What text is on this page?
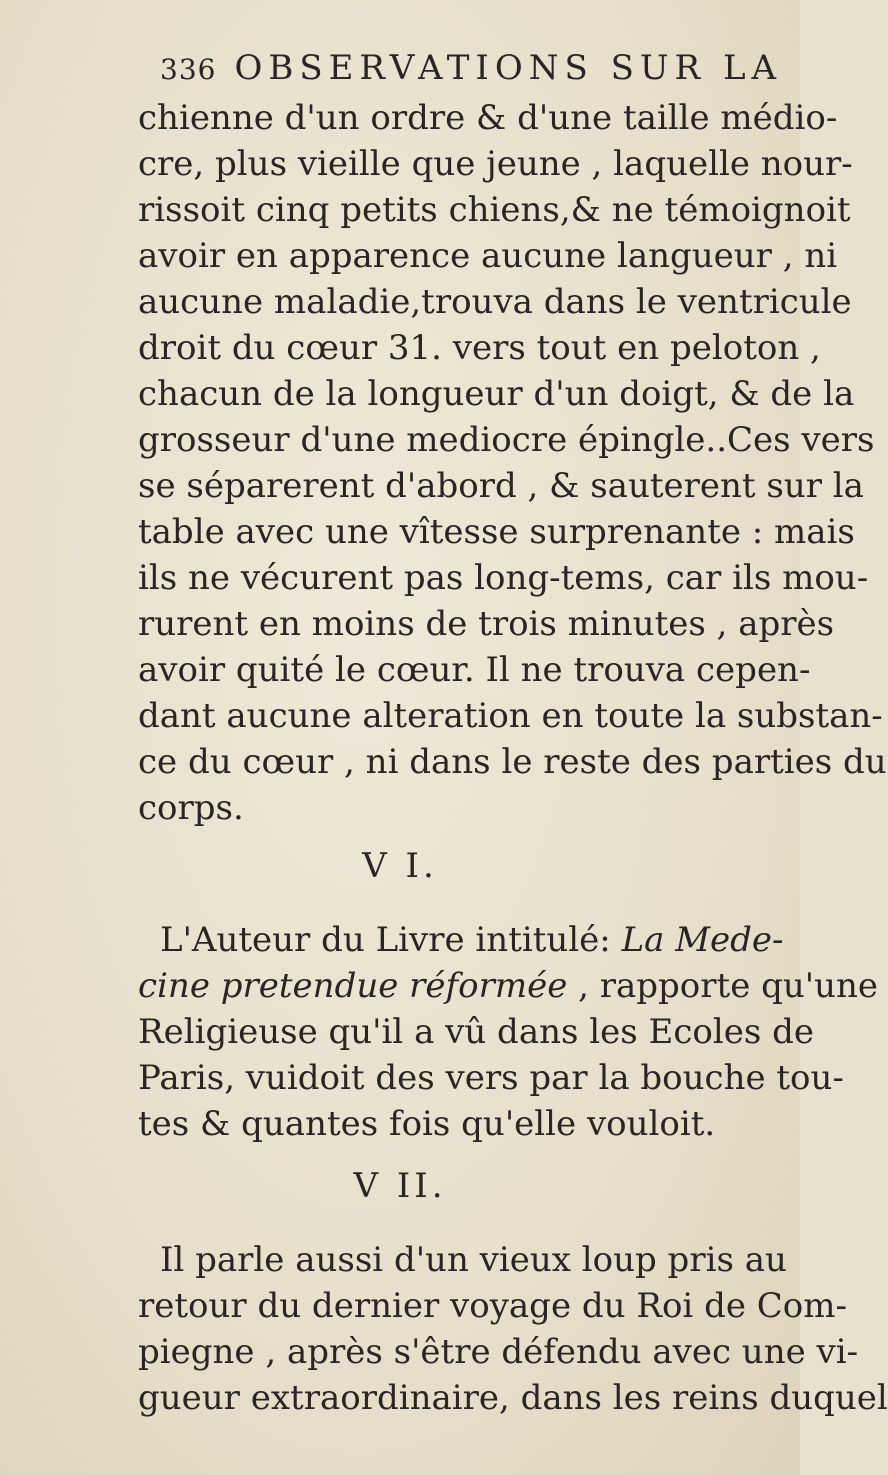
336 OBSERVATIONS SUR LA
chienne d'un ordre & d'une taille médio-
cre, plus vieille que jeune , laquelle nour-
rissoit cinq petits chiens,& ne témoignoit
avoir en apparence aucune langueur , ni
aucune maladie,trouva dans le ventricule
droit du cœur 31. vers tout en peloton ,
chacun de la longueur d'un doigt, & de la
grosseur d'une mediocre épingle..Ces vers
se séparerent d'abord , & sauterent sur la
table avec une vîtesse surprenante : mais
ils ne vécurent pas long-tems, car ils mou-
rurent en moins de trois minutes , après
avoir quité le cœur. Il ne trouva cepen-
dant aucune alteration en toute la substan-
ce du cœur , ni dans le reste des parties du
corps.
V I.
L'Auteur du Livre intitulé: La Mede-
cine pretendue réformée , rapporte qu'une
Religieuse qu'il a vû dans les Ecoles de
Paris, vuidoit des vers par la bouche tou-
tes & quantes fois qu'elle vouloit.
V II.
Il parle aussi d'un vieux loup pris au
retour du dernier voyage du Roi de Com-
piegne , après s'être défendu avec une vi-
gueur extraordinaire, dans les reins duquel
